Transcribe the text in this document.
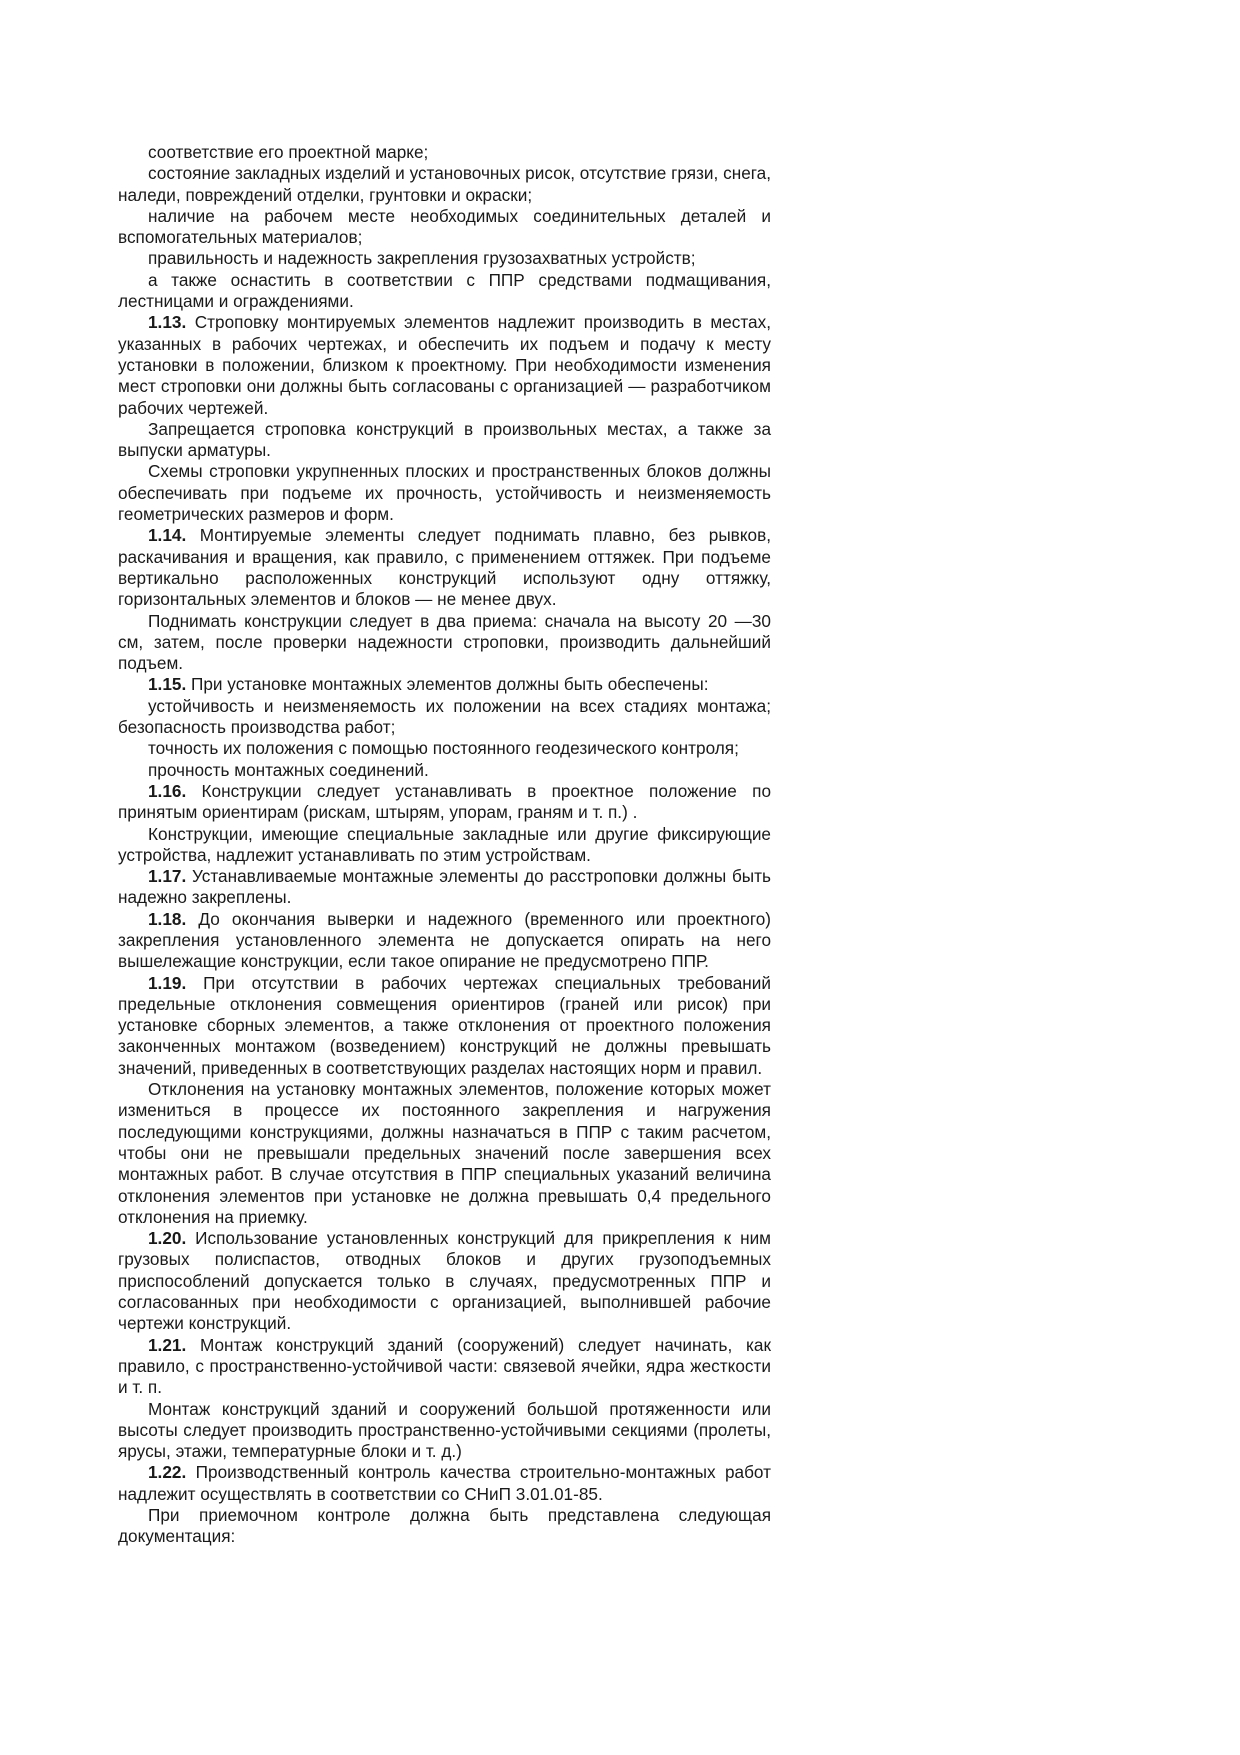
соответствие его проектной марке;

состояние закладных изделий и установочных рисок, отсутствие грязи, снега, наледи, повреждений отделки, грунтовки и окраски;

наличие на рабочем месте необходимых соединительных деталей и вспомогательных материалов;

правильность и надежность закрепления грузозахватных устройств;

а также оснастить в соответствии с ППР средствами подмащивания, лестницами и ограждениями.

1.13. Строповку монтируемых элементов надлежит производить в местах, указанных в рабочих чертежах, и обеспечить их подъем и подачу к месту установки в положении, близком к проектному. При необходимости изменения мест строповки они должны быть согласованы с организацией — разработчиком рабочих чертежей.

Запрещается строповка конструкций в произвольных местах, а также за выпуски арматуры.

Схемы строповки укрупненных плоских и пространственных блоков должны обеспечивать при подъеме их прочность, устойчивость и неизменяемость геометрических размеров и форм.

1.14. Монтируемые элементы следует поднимать плавно, без рывков, раскачивания и вращения, как правило, с применением оттяжек. При подъеме вертикально расположенных конструкций используют одну оттяжку, горизонтальных элементов и блоков — не менее двух.

Поднимать конструкции следует в два приема: сначала на высоту 20 —30 см, затем, после проверки надежности строповки, производить дальнейший подъем.

1.15. При установке монтажных элементов должны быть обеспечены:

устойчивость и неизменяемость их положении на всех стадиях монтажа; безопасность производства работ;

точность их положения с помощью постоянного геодезического контроля;

прочность монтажных соединений.

1.16. Конструкции следует устанавливать в проектное положение по принятым ориентирам (рискам, штырям, упорам, граням и т. п.) .

Конструкции, имеющие специальные закладные или другие фиксирующие устройства, надлежит устанавливать по этим устройствам.

1.17. Устанавливаемые монтажные элементы до расстроповки должны быть надежно закреплены.

1.18. До окончания выверки и надежного (временного или проектного) закрепления установленного элемента не допускается опирать на него вышележащие конструкции, если такое опирание не предусмотрено ППР.

1.19. При отсутствии в рабочих чертежах специальных требований предельные отклонения совмещения ориентиров (граней или рисок) при установке сборных элементов, а также отклонения от проектного положения законченных монтажом (возведением) конструкций не должны превышать значений, приведенных в соответствующих разделах настоящих норм и правил.

Отклонения на установку монтажных элементов, положение которых может измениться в процессе их постоянного закрепления и нагружения последующими конструкциями, должны назначаться в ППР с таким расчетом, чтобы они не превышали предельных значений после завершения всех монтажных работ. В случае отсутствия в ППР специальных указаний величина отклонения элементов при установке не должна превышать 0,4 предельного отклонения на приемку.

1.20. Использование установленных конструкций для прикрепления к ним грузовых полиспастов, отводных блоков и других грузоподъемных приспособлений допускается только в случаях, предусмотренных ППР и согласованных при необходимости с организацией, выполнившей рабочие чертежи конструкций.

1.21. Монтаж конструкций зданий (сооружений) следует начинать, как правило, с пространственно-устойчивой части: связевой ячейки, ядра жесткости и т. п.

Монтаж конструкций зданий и сооружений большой протяженности или высоты следует производить пространственно-устойчивыми секциями (пролеты, ярусы, этажи, температурные блоки и т. д.)

1.22. Производственный контроль качества строительно-монтажных работ надлежит осуществлять в соответствии со СНиП 3.01.01-85.

При приемочном контроле должна быть представлена следующая документация:
